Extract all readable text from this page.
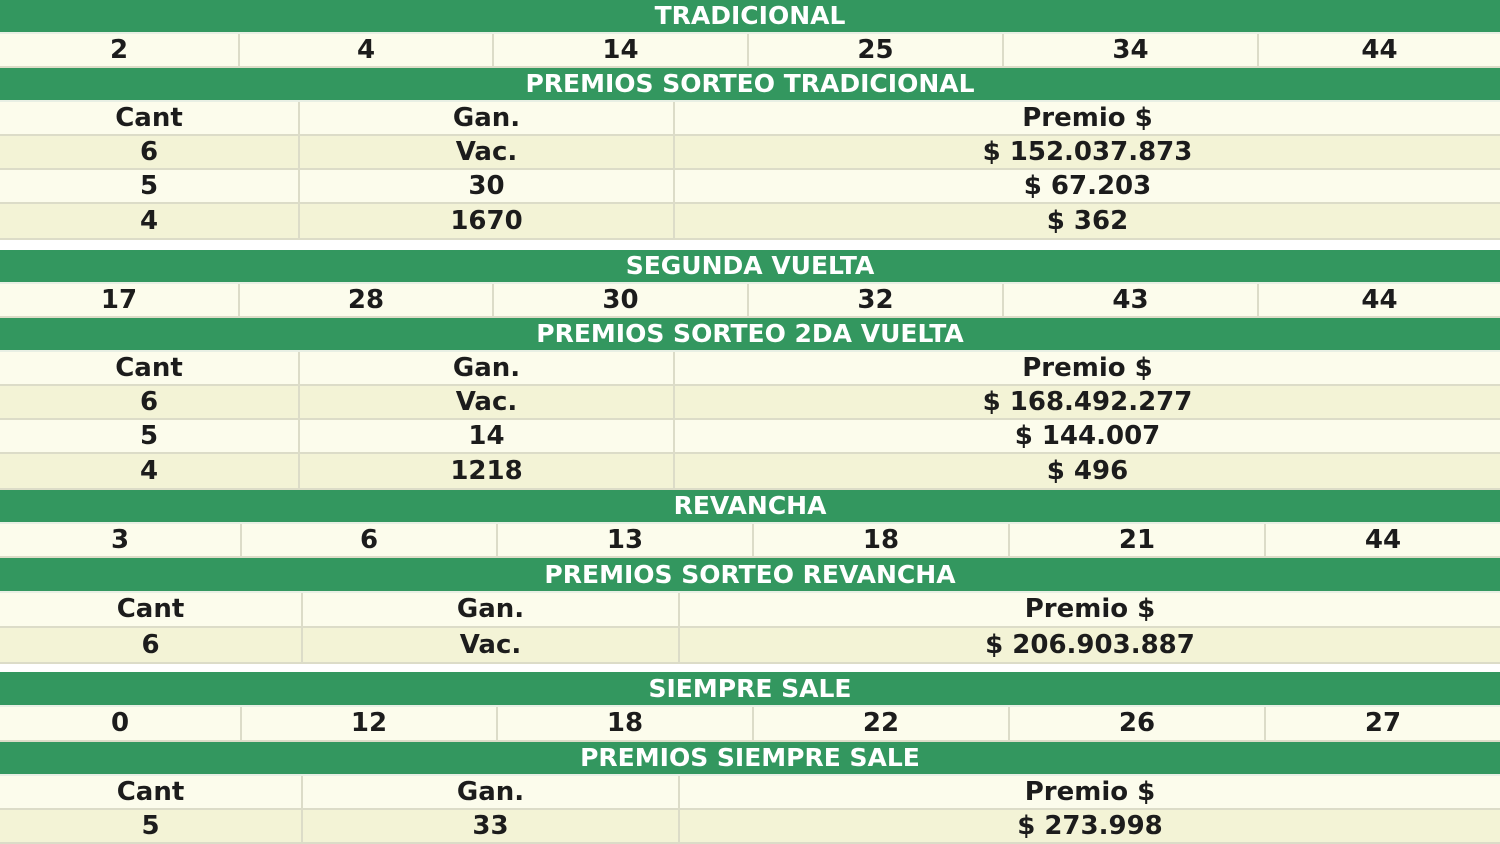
TRADICIONAL
2	4	14	25	34	44
PREMIOS SORTEO TRADICIONAL
Cant	Gan.	Premio $
6	Vac.	$ 152.037.873
5	30	$ 67.203
4	1670	$ 362
SEGUNDA VUELTA
17	28	30	32	43	44
PREMIOS SORTEO 2DA VUELTA
Cant	Gan.	Premio $
6	Vac.	$ 168.492.277
5	14	$ 144.007
4	1218	$ 496
REVANCHA
3	6	13	18	21	44
PREMIOS SORTEO REVANCHA
Cant	Gan.	Premio $
6	Vac.	$ 206.903.887
SIEMPRE SALE
0	12	18	22	26	27
PREMIOS SIEMPRE SALE
Cant	Gan.	Premio $
5	33	$ 273.998
